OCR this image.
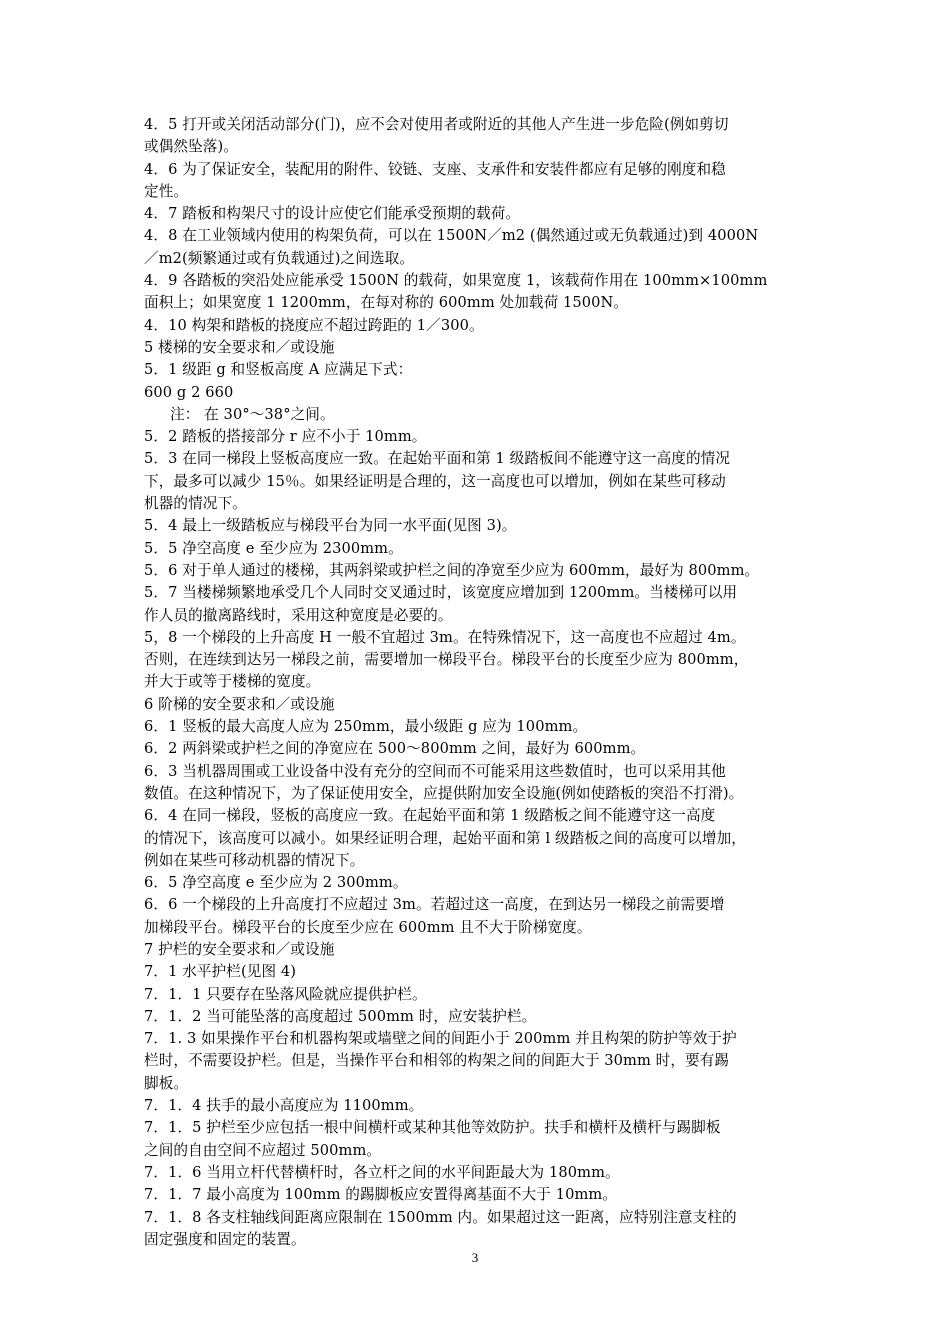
4．5 打开或关闭活动部分(门)，应不会对使用者或附近的其他人产生进一步危险(例如剪切
或偶然坠落)。
4．6 为了保证安全，装配用的附件、铰链、支座、支承件和安装件都应有足够的刚度和稳
定性。
4．7 踏板和构架尺寸的设计应使它们能承受预期的载荷。
4．8 在工业领域内使用的构架负荷，可以在 1500N／m2 (偶然通过或无负载通过)到 4000N
／m2(频繁通过或有负载通过)之间选取。
4．9 各踏板的突沿处应能承受 1500N 的载荷，如果宽度 1，该载荷作用在 100mm×100mm
面积上；如果宽度 1 1200mm，在每对称的 600mm 处加载荷 1500N。
4．10 构架和踏板的挠度应不超过跨距的 1／300。
5 楼梯的安全要求和／或设施
5．1 级距 g 和竖板高度 A 应满足下式：
600 g 2 660
注： 在 30°～38°之间。
5．2 踏板的搭接部分 r 应不小于 10mm。
5．3 在同一梯段上竖板高度应一致。在起始平面和第 1 级踏板间不能遵守这一高度的情况
下，最多可以减少 15％。如果经证明是合理的，这一高度也可以增加，例如在某些可移动
机器的情况下。
5．4 最上一级踏板应与梯段平台为同一水平面(见图 3)。
5．5 净空高度 e 至少应为 2300mm。
5．6 对于单人通过的楼梯，其两斜梁或护栏之间的净宽至少应为 600mm，最好为 800mm。
5．7 当楼梯频繁地承受几个人同时交叉通过时，该宽度应增加到 1200mm。当楼梯可以用
作人员的撤离路线时，采用这种宽度是必要的。
5，8 一个梯段的上升高度 H 一般不宜超过 3m。在特殊情况下，这一高度也不应超过 4m。
否则，在连续到达另一梯段之前，需要增加一梯段平台。梯段平台的长度至少应为 800mm，
并大于或等于楼梯的宽度。
6 阶梯的安全要求和／或设施
6．1 竖板的最大高度人应为 250mm，最小级距 g 应为 100mm。
6．2 两斜梁或护栏之间的净宽应在 500～800mm 之间，最好为 600mm。
6．3 当机器周围或工业设备中没有充分的空间而不可能采用这些数值时，也可以采用其他
数值。在这种情况下，为了保证使用安全，应提供附加安全设施(例如使踏板的突沿不打滑)。
6．4 在同一梯段，竖板的高度应一致。在起始平面和第 1 级踏板之间不能遵守这一高度
的情况下，该高度可以减小。如果经证明合理，起始平面和第 l 级踏板之间的高度可以增加，
例如在某些可移动机器的情况下。
6．5 净空高度 e 至少应为 2 300mm。
6．6 一个梯段的上升高度打不应超过 3m。若超过这一高度，在到达另一梯段之前需要增
加梯段平台。梯段平台的长度至少应在 600mm 且不大于阶梯宽度。
7 护栏的安全要求和／或设施
7．1 水平护栏(见图 4)
7．1．1 只要存在坠落风险就应提供护栏。
7．1．2 当可能坠落的高度超过 500mm 时，应安装护栏。
7．1. 3 如果操作平台和机器构架或墙壁之间的间距小于 200mm 并且构架的防护等效于护
栏时，不需要设护栏。但是，当操作平台和相邻的构架之间的间距大于 30mm 时，要有踢
脚板。
7．1．4 扶手的最小高度应为 1100mm。
7．1．5 护栏至少应包括一根中间横杆或某种其他等效防护。扶手和横杆及横杆与踢脚板
之间的自由空间不应超过 500mm。
7．1．6 当用立杆代替横杆时，各立杆之间的水平间距最大为 180mm。
7．1．7 最小高度为 100mm 的踢脚板应安置得离基面不大于 10mm。
7．1．8 各支柱轴线间距离应限制在 1500mm 内。如果超过这一距离，应特别注意支柱的
固定强度和固定的装置。
3
